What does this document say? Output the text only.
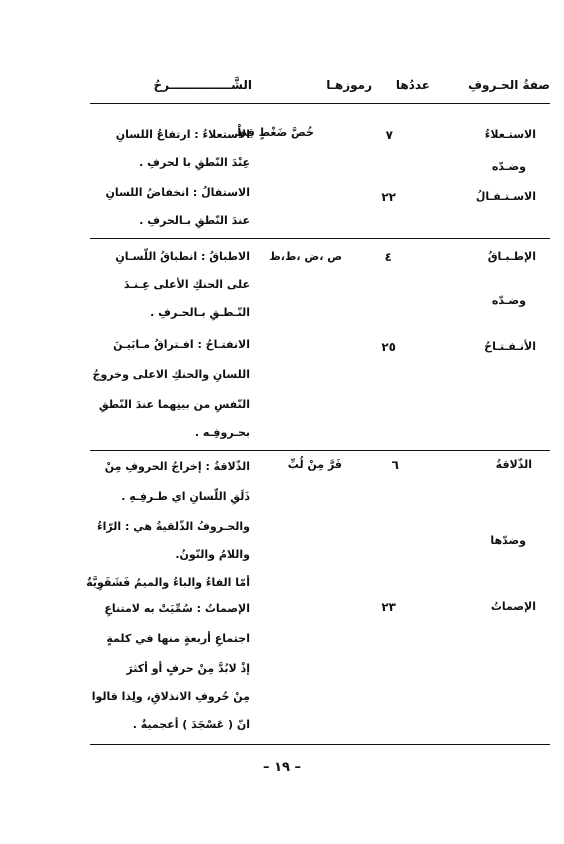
صفةُ الحـروفِ
عددُها
رموزهـا
الشَّـــــــــــــــرحُ
الاستـعلاءُ
٧
خُصَّ ضَغْطٍ قِظْ
الاستعلاءُ : ارتفاعُ اللسانِ
عِنْدَ النّطقِ با لحرفِ .	وضـدّه
الاسـتـفـالُ
٢٢
الاستفالُ : انخفاضُ اللسانِ
عندَ النّطقِ بـالحرفِ .
الإطـبـاقُ
٤
ص ،ض ،ط،ظ
الاطباقُ : انطباقُ اللّسـانِ
على الحنكِ الأعلى عِـنـدَ
النّـطـقِ بـالحـرفِ .
وضـدّه
الأنـفـتـاحُ
٢٥
الانفتـاحُ : افـتراقُ مـابَيـنَ
اللسانِ والحنكِ الاعلى وخروجُ
النّفسِ من بينِهما عندَ النّطقِ
بحـروفِـه .
الذّلاقةُ
٦
فَرَّ مِنْ لُبِّ
الذّلاقةُ : إخراجُ الحروفِ مِنْ
ذَلَقِ اللّسانِ اي طـرفِـهِ .
والحـروفُ الذّلقيةُ هي : الرّاءُ
واللامُ والنّونُ.
أمّا الفاءُ والباءُ والميمُ فَشَفَوِيَّةٌ
وضدّها
الإصماتُ
٢٣
الإصماتُ : سُمِّيَتْ به لامتناعِ
اجتماعِ أربعةٍ منها في كلمةٍ
إذْ لابُدَّ مِنْ حرفٍ أو أكثرَ
مِنْ حُروفِ الانذلاقِ، ولِذا قالوا
انّ ( عَسْجَدَ ) أعجميةٌ .
– ١٩ –
